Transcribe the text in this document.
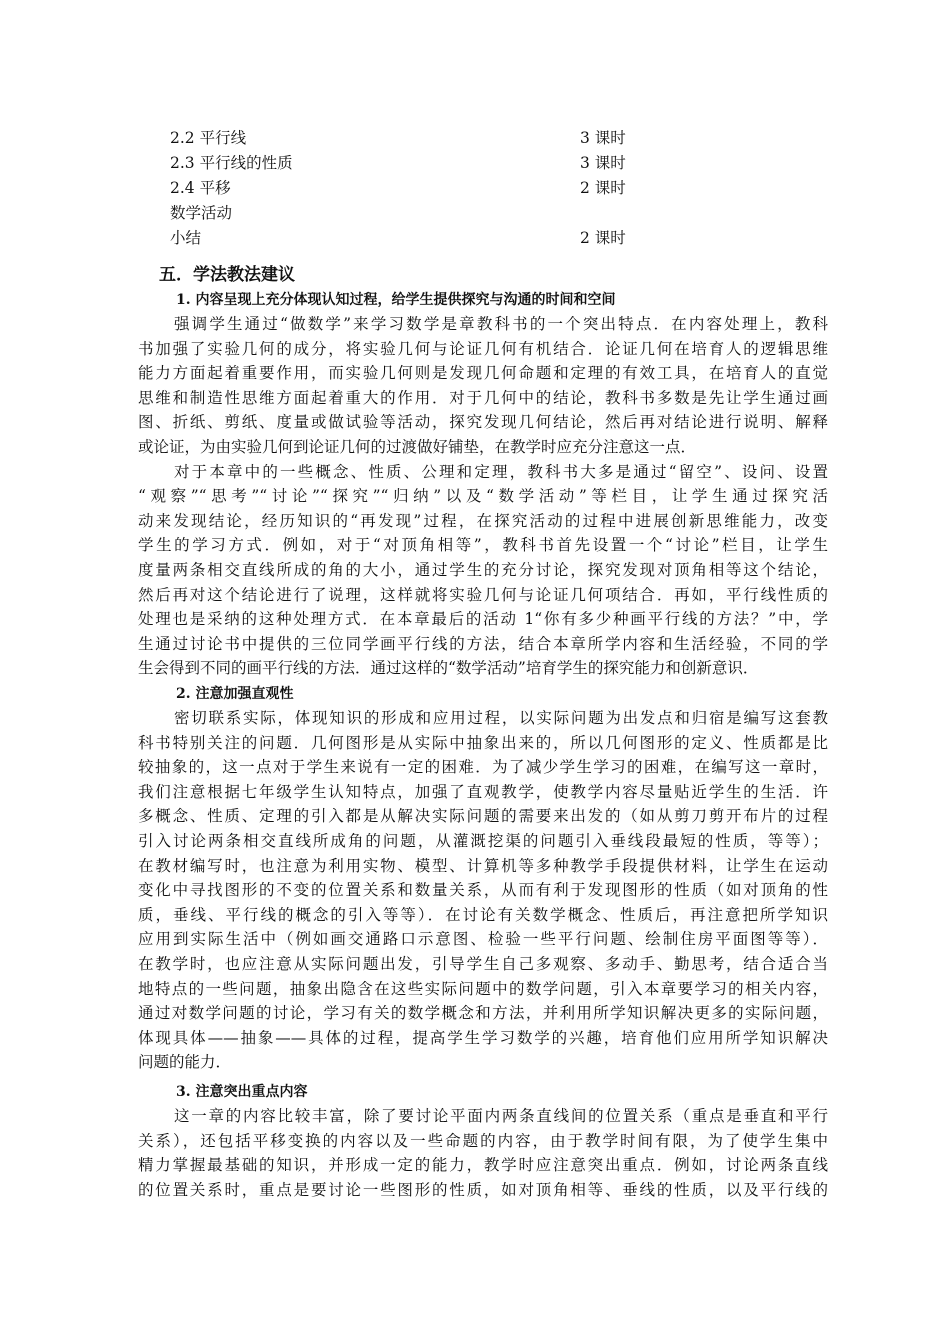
2.2 平行线	3 课时
2.3 平行线的性质	3 课时
2.4 平移	2 课时
数学活动
小结	2 课时
五．学法教法建议
1. 内容呈现上充分体现认知过程，给学生提供探究与沟通的时间和空间
强调学生通过“做数学”来学习数学是章教科书的一个突出特点．在内容处理上，教科
书加强了实验几何的成分，将实验几何与论证几何有机结合．论证几何在培育人的逻辑思维
能力方面起着重要作用，而实验几何则是发现几何命题和定理的有效工具，在培育人的直觉
思维和制造性思维方面起着重大的作用．对于几何中的结论，教科书多数是先让学生通过画
图、折纸、剪纸、度量或做试验等活动，探究发现几何结论，然后再对结论进行说明、解释
或论证，为由实验几何到论证几何的过渡做好铺垫，在教学时应充分注意这一点．
对于本章中的一些概念、性质、公理和定理，教科书大多是通过“留空”、设问、设置
“观察”“思考”“讨论”“探究”“归纳”以及“数学活动”等栏目，让学生通过探究活
动来发现结论，经历知识的“再发现”过程，在探究活动的过程中进展创新思维能力，改变
学生的学习方式．例如，对于“对顶角相等”，教科书首先设置一个“讨论”栏目，让学生
度量两条相交直线所成的角的大小，通过学生的充分讨论，探究发现对顶角相等这个结论，
然后再对这个结论进行了说理，这样就将实验几何与论证几何项结合．再如，平行线性质的
处理也是采纳的这种处理方式．在本章最后的活动 1“你有多少种画平行线的方法？”中，学
生通过讨论书中提供的三位同学画平行线的方法，结合本章所学内容和生活经验，不同的学
生会得到不同的画平行线的方法．通过这样的“数学活动”培育学生的探究能力和创新意识．
2. 注意加强直观性
密切联系实际，体现知识的形成和应用过程，以实际问题为出发点和归宿是编写这套教
科书特别关注的问题．几何图形是从实际中抽象出来的，所以几何图形的定义、性质都是比
较抽象的，这一点对于学生来说有一定的困难．为了减少学生学习的困难，在编写这一章时，
我们注意根据七年级学生认知特点，加强了直观教学，使教学内容尽量贴近学生的生活．许
多概念、性质、定理的引入都是从解决实际问题的需要来出发的（如从剪刀剪开布片的过程
引入讨论两条相交直线所成角的问题，从灌溉挖渠的问题引入垂线段最短的性质，等等）；
在教材编写时，也注意为利用实物、模型、计算机等多种教学手段提供材料，让学生在运动
变化中寻找图形的不变的位置关系和数量关系，从而有利于发现图形的性质（如对顶角的性
质，垂线、平行线的概念的引入等等）．在讨论有关数学概念、性质后，再注意把所学知识
应用到实际生活中（例如画交通路口示意图、检验一些平行问题、绘制住房平面图等等）．
在教学时，也应注意从实际问题出发，引导学生自己多观察、多动手、勤思考，结合适合当
地特点的一些问题，抽象出隐含在这些实际问题中的数学问题，引入本章要学习的相关内容，
通过对数学问题的讨论，学习有关的数学概念和方法，并利用所学知识解决更多的实际问题，
体现具体——抽象——具体的过程，提高学生学习数学的兴趣，培育他们应用所学知识解决
问题的能力．
3. 注意突出重点内容
这一章的内容比较丰富，除了要讨论平面内两条直线间的位置关系（重点是垂直和平行
关系），还包括平移变换的内容以及一些命题的内容，由于教学时间有限，为了使学生集中
精力掌握最基础的知识，并形成一定的能力，教学时应注意突出重点．例如，讨论两条直线
的位置关系时，重点是要讨论一些图形的性质，如对顶角相等、垂线的性质，以及平行线的
